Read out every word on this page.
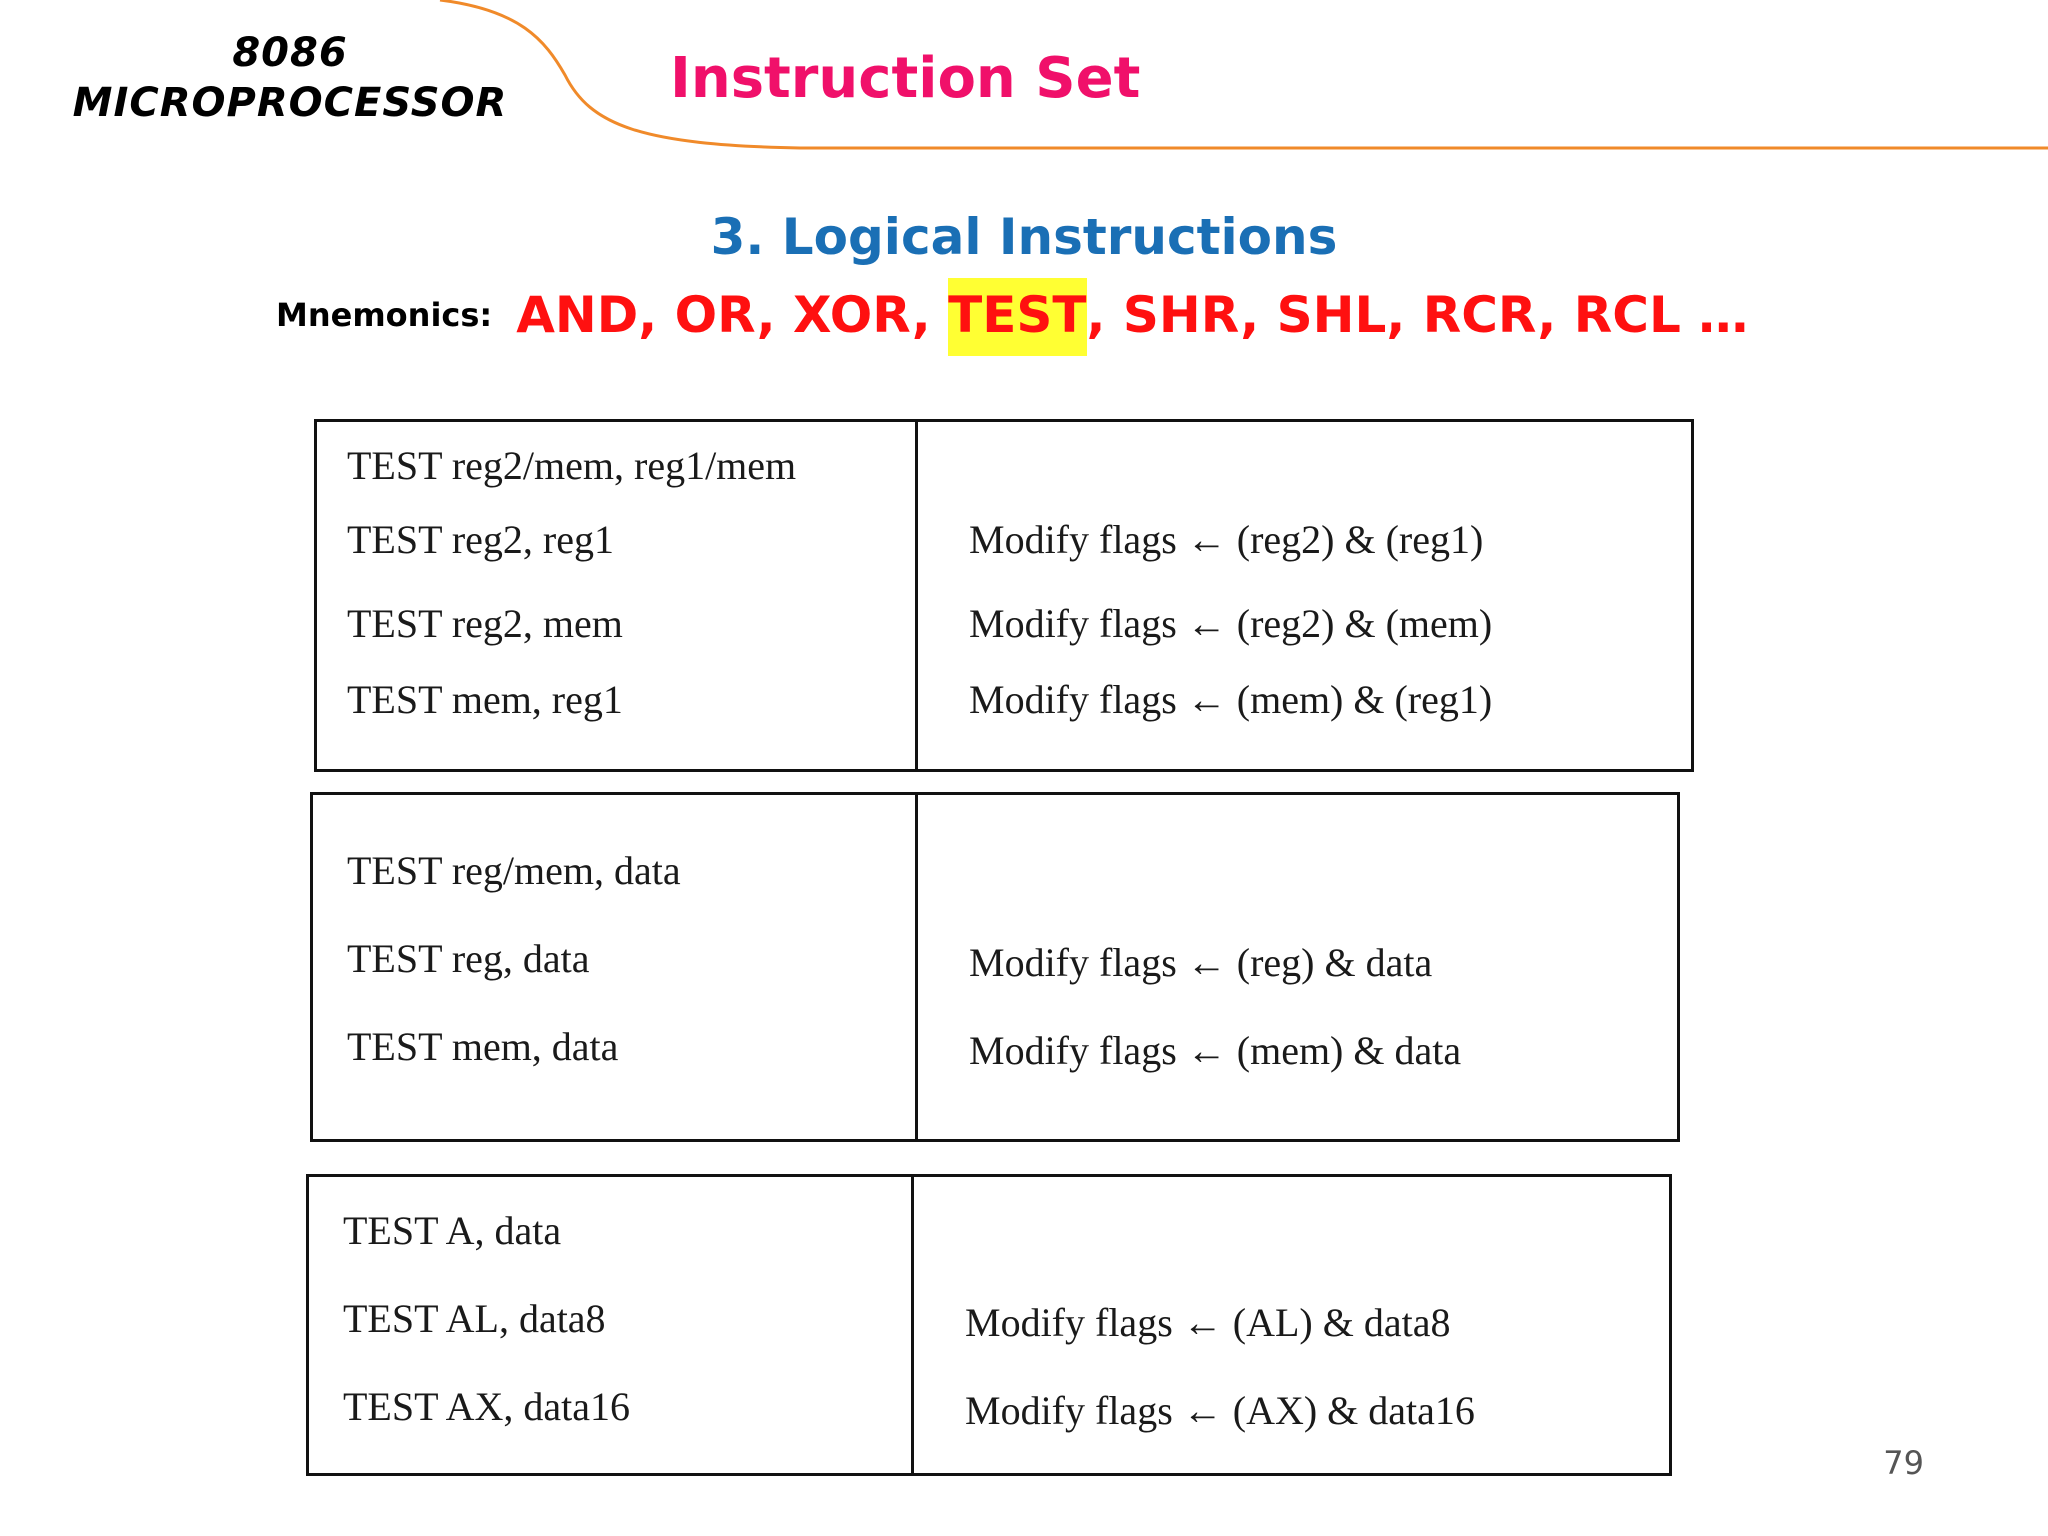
8086
MICROPROCESSOR	Instruction Set
3. Logical Instructions
Mnemonics: AND, OR, XOR, TEST , SHR, SHL, RCR, RCL …
TEST reg2/mem, reg1/mem
TEST reg2, reg1
TEST reg2, mem
TEST mem, reg1
Modify flags ← (reg2) & (reg1)
Modify flags ← (reg2) & (mem)
Modify flags ← (mem) & (reg1)
TEST reg/mem, data
TEST reg, data
TEST mem, data
Modify flags ← (reg) & data
Modify flags ← (mem) & data
TEST A, data
TEST AL, data8
TEST AX, data16
Modify flags ← (AL) & data8
Modify flags ← (AX) & data16
79
